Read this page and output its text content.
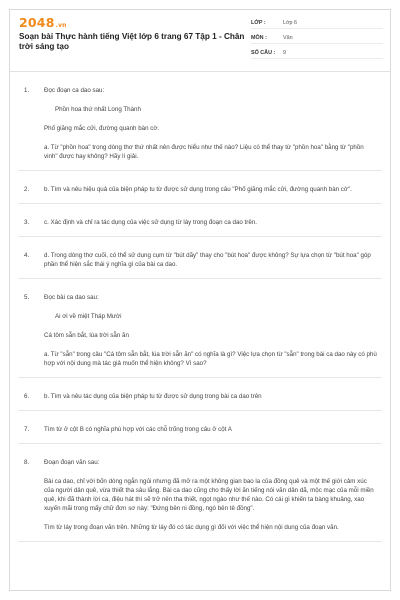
2048.vn
Soạn bài Thực hành tiếng Việt lớp 6 trang 67 Tập 1 - Chân trời sáng tạo
LỚP :	Lớp 6
MÔN :	Văn
SỐ CÂU :	9
1.	Đọc đoạn ca dao sau:

Phồn hoa thứ nhất Long Thành

Phố giăng mắc cửi, đường quanh bàn cờ.

a. Từ "phồn hoa" trong dòng thơ thứ nhất nên được hiểu như thế nào? Liệu có thể thay từ "phồn hoa" bằng từ "phồn vinh" được hay không? Hãy lí giải.

2.	b. Tìm và nêu hiệu quả của biện pháp tu từ được sử dụng trong câu "Phố giăng mắc cửi, đường quanh bàn cờ".

3.	c. Xác định và chỉ ra tác dụng của việc sử dụng từ láy trong đoạn ca dao trên.

4.	d. Trong dòng thơ cuối, có thể sử dụng cụm từ "bút dãy" thay cho "bút hoa" được không? Sự lựa chọn từ "bút hoa" góp phần thể hiện sắc thái ý nghĩa gì của bài ca dao.

5.	Đọc bài ca dao sau:

Ai ơi về miệt Tháp Mười

Cá tôm sẵn bắt, lúa trời sẵn ăn

a. Từ "sẵn" trong câu "Cá tôm sẵn bắt, lúa trời sẵn ăn" có nghĩa là gì? Việc lựa chọn từ "sẵn" trong bài ca dao này có phù hợp với nội dung mà tác giả muốn thể hiện không? Vì sao?

6.	b. Tìm và nêu tác dụng của biện pháp tu từ được sử dụng trong bài ca dao trên

7.	Tìm từ ở cột B có nghĩa phù hợp với các chỗ trống trong câu ở cột A

8.	Đoạn đoạn văn sau:

Bài ca dao, chỉ với bốn dòng ngắn ngủi nhưng đã mở ra một không gian bao la của đồng quê và một thế giới cảm xúc của người dân quê, vừa thiết tha sâu lắng. Bài ca dao cũng cho thấy lời ăn tiếng nói văn dân dã, mộc mạc của mỗi miền quê, khi đã thành lời ca, điệu hát thì sẽ trở nên tha thiết, ngọt ngào như thế nào. Có cái gì khiến ta bàng khuâng, xao xuyến mãi trong mấy chữ đơn sơ này: "Đứng bên ni đồng, ngó bên tê đồng".

Tìm từ láy trong đoạn văn trên. Những từ láy đó có tác dụng gì đối với việc thể hiện nội dung của đoạn văn.
